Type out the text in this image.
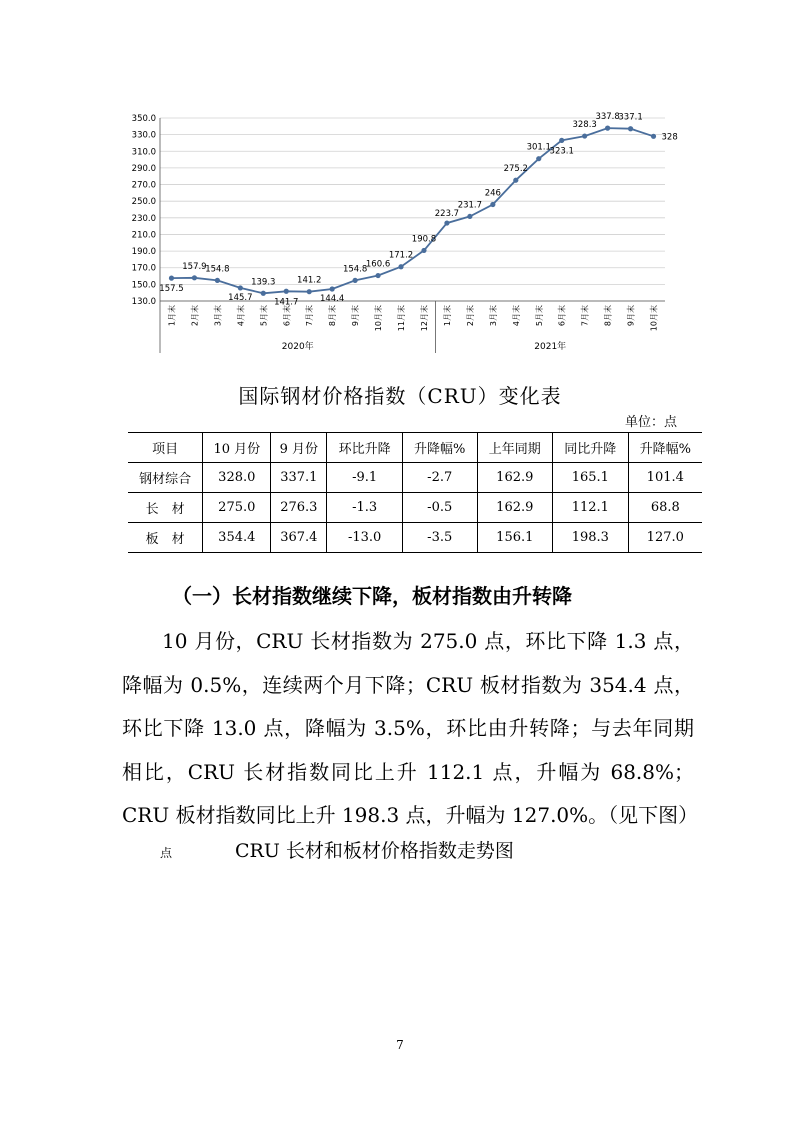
130.0
150.0
170.0
190.0
210.0
230.0
250.0
270.0
290.0
310.0
330.0
350.0
1月末 2月末 3月末 4月末 5月末 6月末 7月末 8月末 9月末 10月末 11月末 12月末 1月末 2月末 3月末 4月末 5月末 6月末 7月末 8月末 9月末 10月末
2020年	2021年
157.5
157.9
154.8
145.7
139.3
141.7
141.2
144.4
154.8
160.6
171.2
190.8
223.7
231.7
246
275.2
301.1
323.1
328.3
337.8
337.1
328
国际钢材价格指数（CRU）变化表
单位：点
项目	10 月份	9 月份	环比升降	升降幅%	上年同期	同比升降	升降幅%
钢材综合	328.0	337.1	-9.1	-2.7	162.9	165.1	101.4
长　材	275.0	276.3	-1.3	-0.5	162.9	112.1	68.8
板　材	354.4	367.4	-13.0	-3.5	156.1	198.3	127.0
（一）长材指数继续下降，板材指数由升转降
10 月份，CRU 长材指数为 275.0 点，环比下降 1.3 点，降幅为 0.5%，连续两个月下降；CRU 板材指数为 354.4 点，环比下降 13.0 点，降幅为 3.5%，环比由升转降；与去年同期相比，CRU 长材指数同比上升 112.1 点，升幅为 68.8%；CRU 板材指数同比上升 198.3 点，升幅为 127.0%。（见下图）
点	CRU 长材和板材价格指数走势图
7
